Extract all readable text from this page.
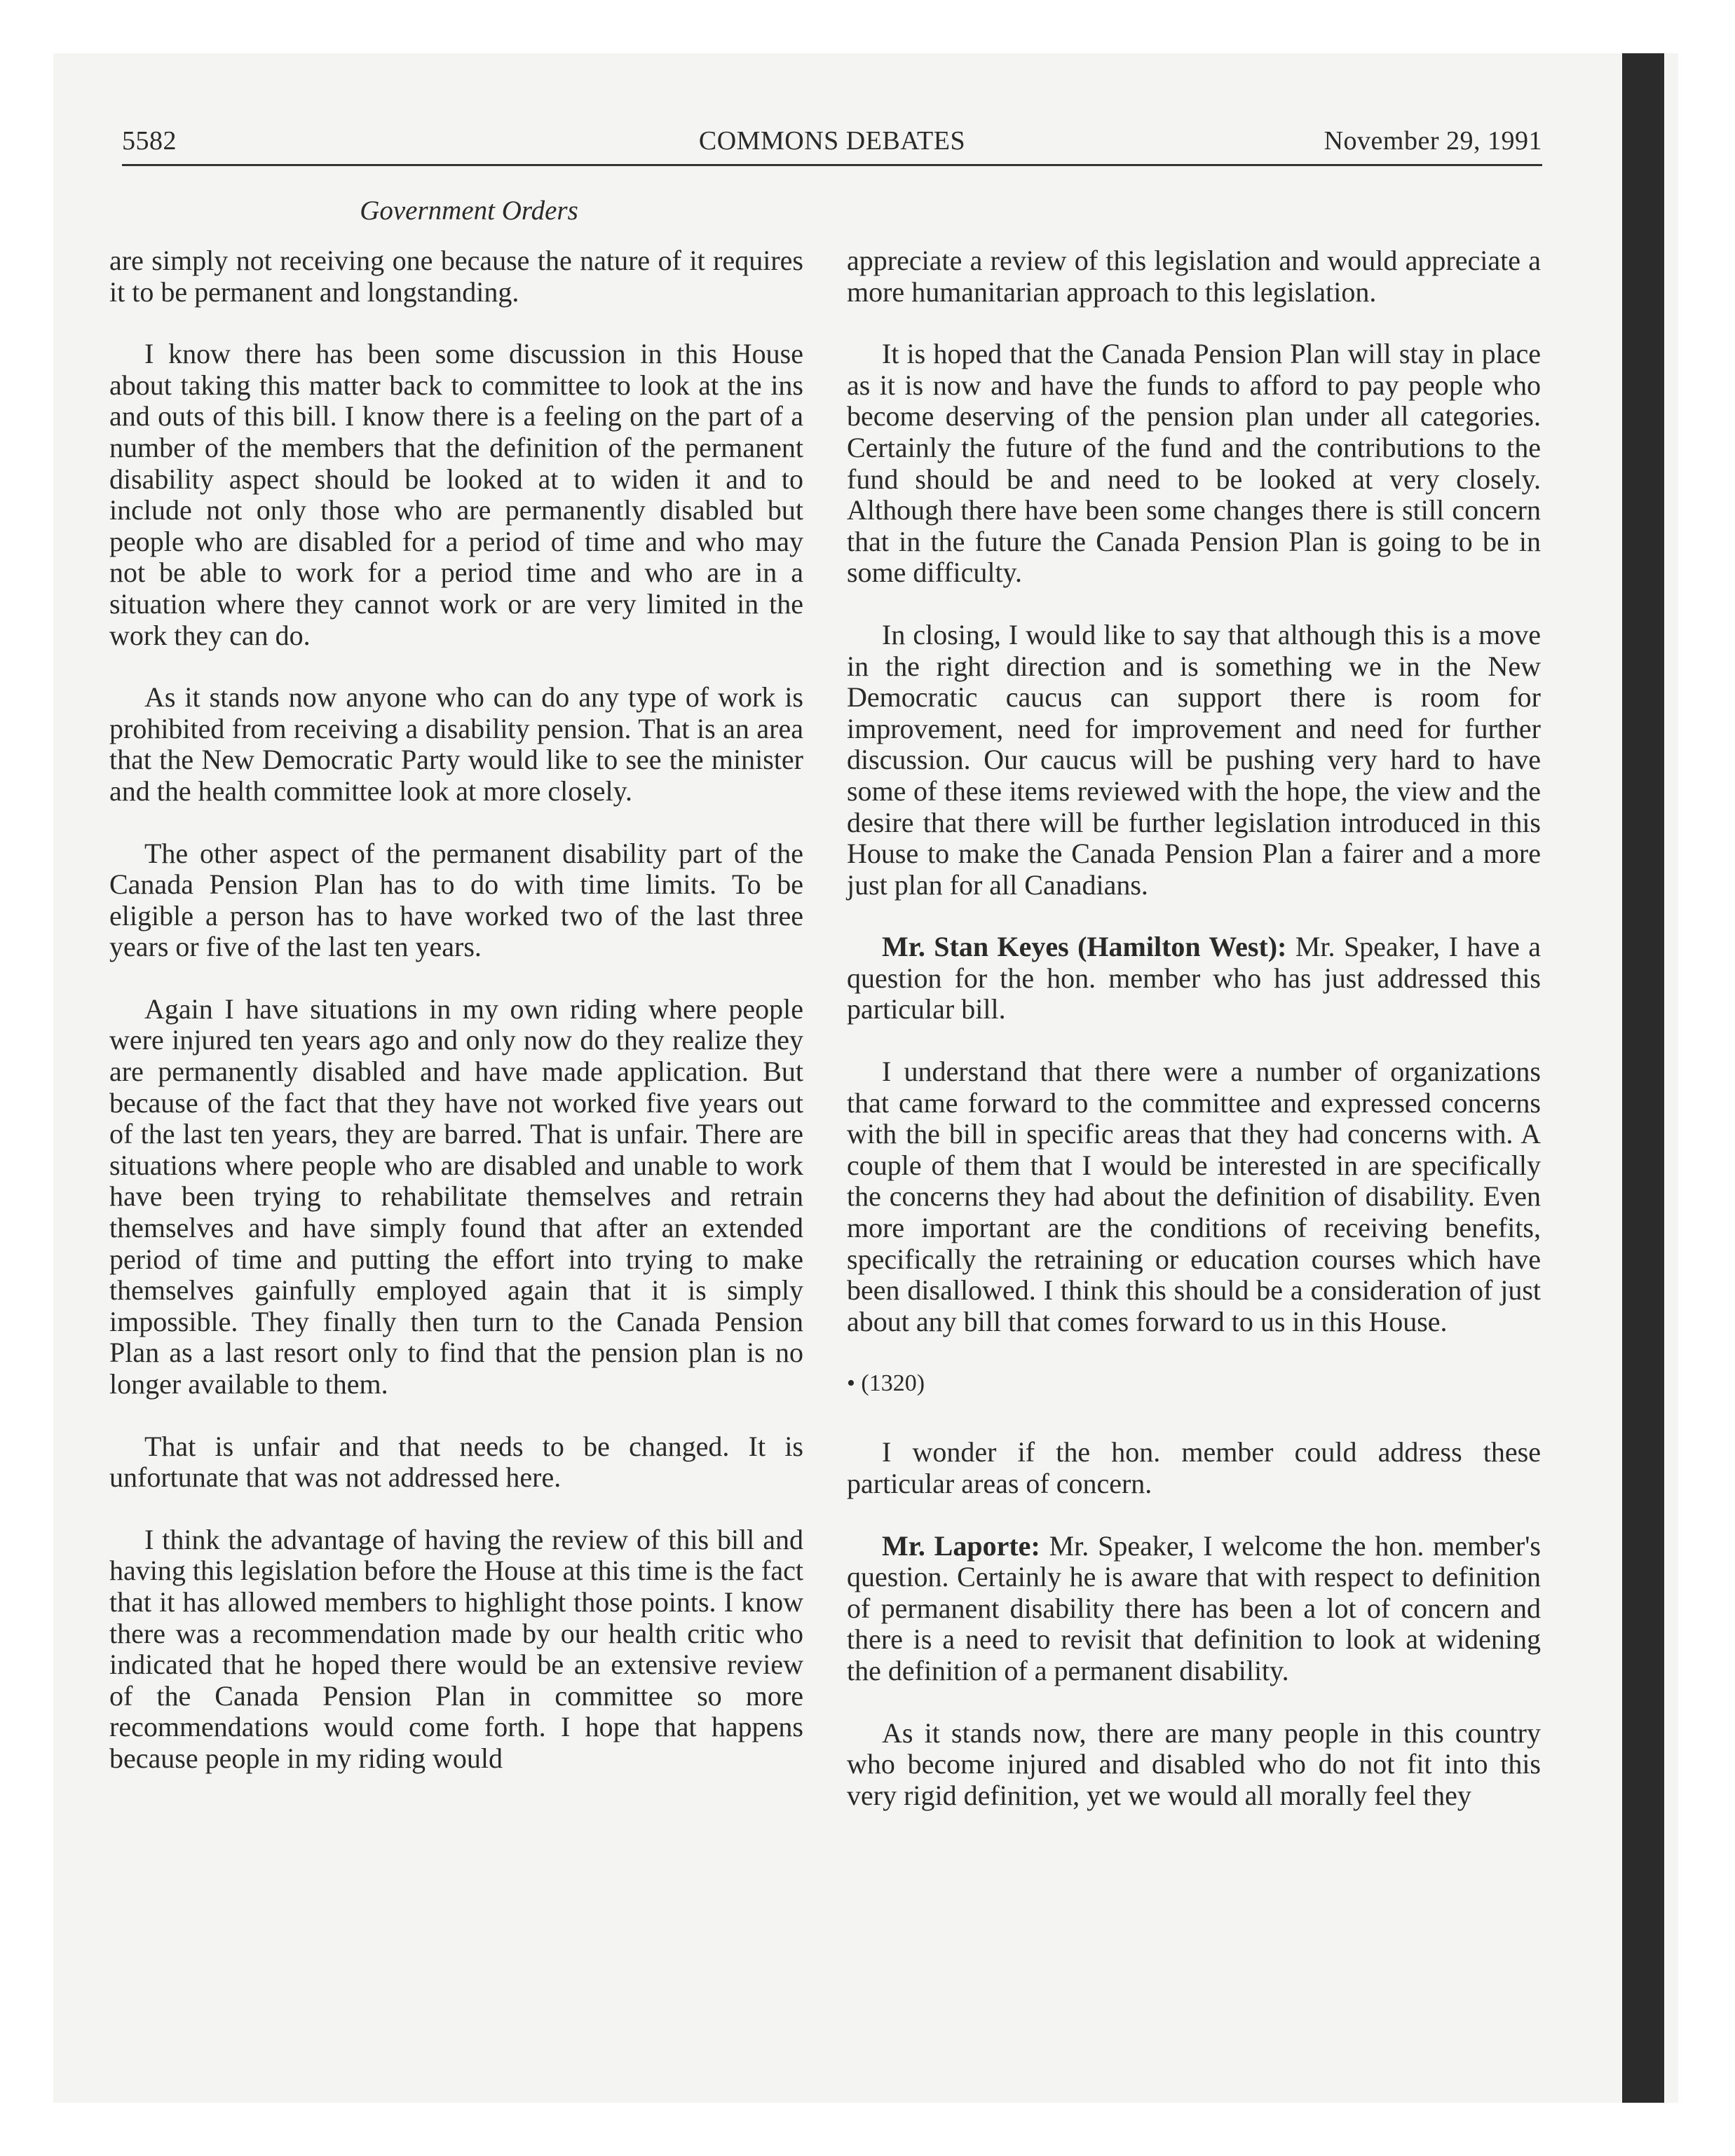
5582	COMMONS DEBATES	November 29, 1991
Government Orders

are simply not receiving one because the nature of it requires it to be permanent and longstanding.

I know there has been some discussion in this House about taking this matter back to committee to look at the ins and outs of this bill. I know there is a feeling on the part of a number of the members that the definition of the permanent disability aspect should be looked at to widen it and to include not only those who are permanently disabled but people who are disabled for a period of time and who may not be able to work for a period time and who are in a situation where they cannot work or are very limited in the work they can do.

As it stands now anyone who can do any type of work is prohibited from receiving a disability pension. That is an area that the New Democratic Party would like to see the minister and the health committee look at more closely.

The other aspect of the permanent disability part of the Canada Pension Plan has to do with time limits. To be eligible a person has to have worked two of the last three years or five of the last ten years.

Again I have situations in my own riding where people were injured ten years ago and only now do they realize they are permanently disabled and have made application. But because of the fact that they have not worked five years out of the last ten years, they are barred. That is unfair. There are situations where people who are disabled and unable to work have been trying to rehabilitate themselves and retrain themselves and have simply found that after an extended period of time and putting the effort into trying to make themselves gainfully employed again that it is simply impossible. They finally then turn to the Canada Pension Plan as a last resort only to find that the pension plan is no longer available to them.

That is unfair and that needs to be changed. It is unfortunate that was not addressed here.

I think the advantage of having the review of this bill and having this legislation before the House at this time is the fact that it has allowed members to highlight those points. I know there was a recommendation made by our health critic who indicated that he hoped there would be an extensive review of the Canada Pension Plan in committee so more recommendations would come forth. I hope that happens because people in my riding would

appreciate a review of this legislation and would appreciate a more humanitarian approach to this legislation.

It is hoped that the Canada Pension Plan will stay in place as it is now and have the funds to afford to pay people who become deserving of the pension plan under all categories. Certainly the future of the fund and the contributions to the fund should be and need to be looked at very closely. Although there have been some changes there is still concern that in the future the Canada Pension Plan is going to be in some difficulty.

In closing, I would like to say that although this is a move in the right direction and is something we in the New Democratic caucus can support there is room for improvement, need for improvement and need for further discussion. Our caucus will be pushing very hard to have some of these items reviewed with the hope, the view and the desire that there will be further legislation introduced in this House to make the Canada Pension Plan a fairer and a more just plan for all Canadians.

Mr. Stan Keyes (Hamilton West): Mr. Speaker, I have a question for the hon. member who has just addressed this particular bill.

I understand that there were a number of organizations that came forward to the committee and expressed concerns with the bill in specific areas that they had concerns with. A couple of them that I would be interested in are specifically the concerns they had about the definition of disability. Even more important are the conditions of receiving benefits, specifically the retraining or education courses which have been disallowed. I think this should be a consideration of just about any bill that comes forward to us in this House.

• (1320)

I wonder if the hon. member could address these particular areas of concern.

Mr. Laporte: Mr. Speaker, I welcome the hon. member's question. Certainly he is aware that with respect to definition of permanent disability there has been a lot of concern and there is a need to revisit that definition to look at widening the definition of a permanent disability.

As it stands now, there are many people in this country who become injured and disabled who do not fit into this very rigid definition, yet we would all morally feel they
